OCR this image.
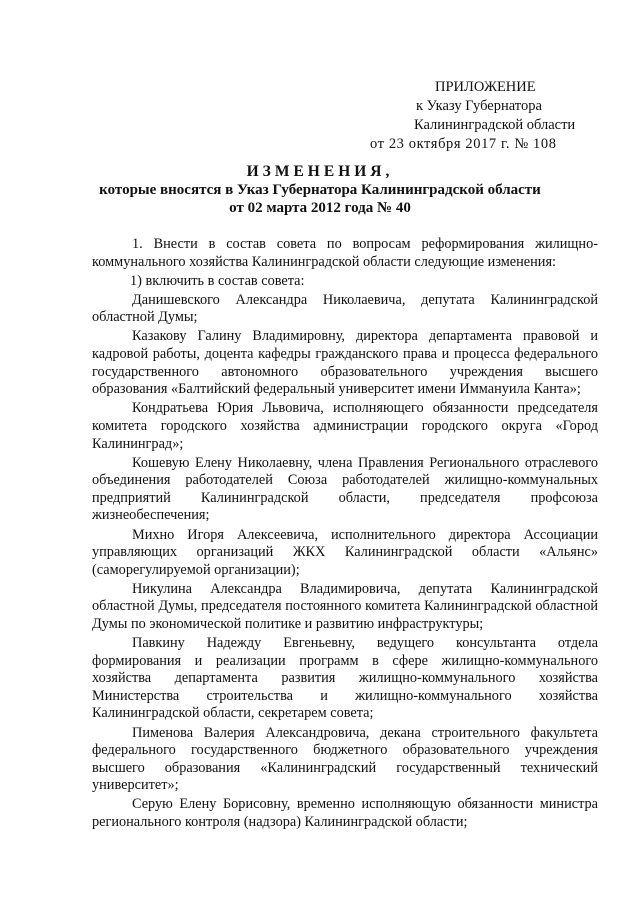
ПРИЛОЖЕНИЕ
к Указу Губернатора
Калининградской области
от 23 октября 2017 г. № 108
ИЗМЕНЕНИЯ,
которые вносятся в Указ Губернатора Калининградской области
от 02 марта 2012 года № 40

1. Внести в состав совета по вопросам реформирования жилищно-коммунального хозяйства Калининградской области следующие изменения:

1) включить в состав совета:

Данишевского Александра Николаевича, депутата Калининградской областной Думы;

Казакову Галину Владимировну, директора департамента правовой и кадровой работы, доцента кафедры гражданского права и процесса федерального государственного автономного образовательного учреждения высшего образования «Балтийский федеральный университет имени Иммануила Канта»;

Кондратьева Юрия Львовича, исполняющего обязанности председателя комитета городского хозяйства администрации городского округа «Город Калининград»;

Кошевую Елену Николаевну, члена Правления Регионального отраслевого объединения работодателей Союза работодателей жилищно-коммунальных предприятий Калининградской области, председателя профсоюза жизнеобеспечения;

Михно Игоря Алексеевича, исполнительного директора Ассоциации управляющих организаций ЖКХ Калининградской области «Альянс» (саморегулируемой организации);

Никулина Александра Владимировича, депутата Калининградской областной Думы, председателя постоянного комитета Калининградской областной Думы по экономической политике и развитию инфраструктуры;

Павкину Надежду Евгеньевну, ведущего консультанта отдела формирования и реализации программ в сфере жилищно-коммунального хозяйства департамента развития жилищно-коммунального хозяйства Министерства строительства и жилищно-коммунального хозяйства Калининградской области, секретарем совета;

Пименова Валерия Александровича, декана строительного факультета федерального государственного бюджетного образовательного учреждения высшего образования «Калининградский государственный технический университет»;

Серую Елену Борисовну, временно исполняющую обязанности министра регионального контроля (надзора) Калининградской области;
